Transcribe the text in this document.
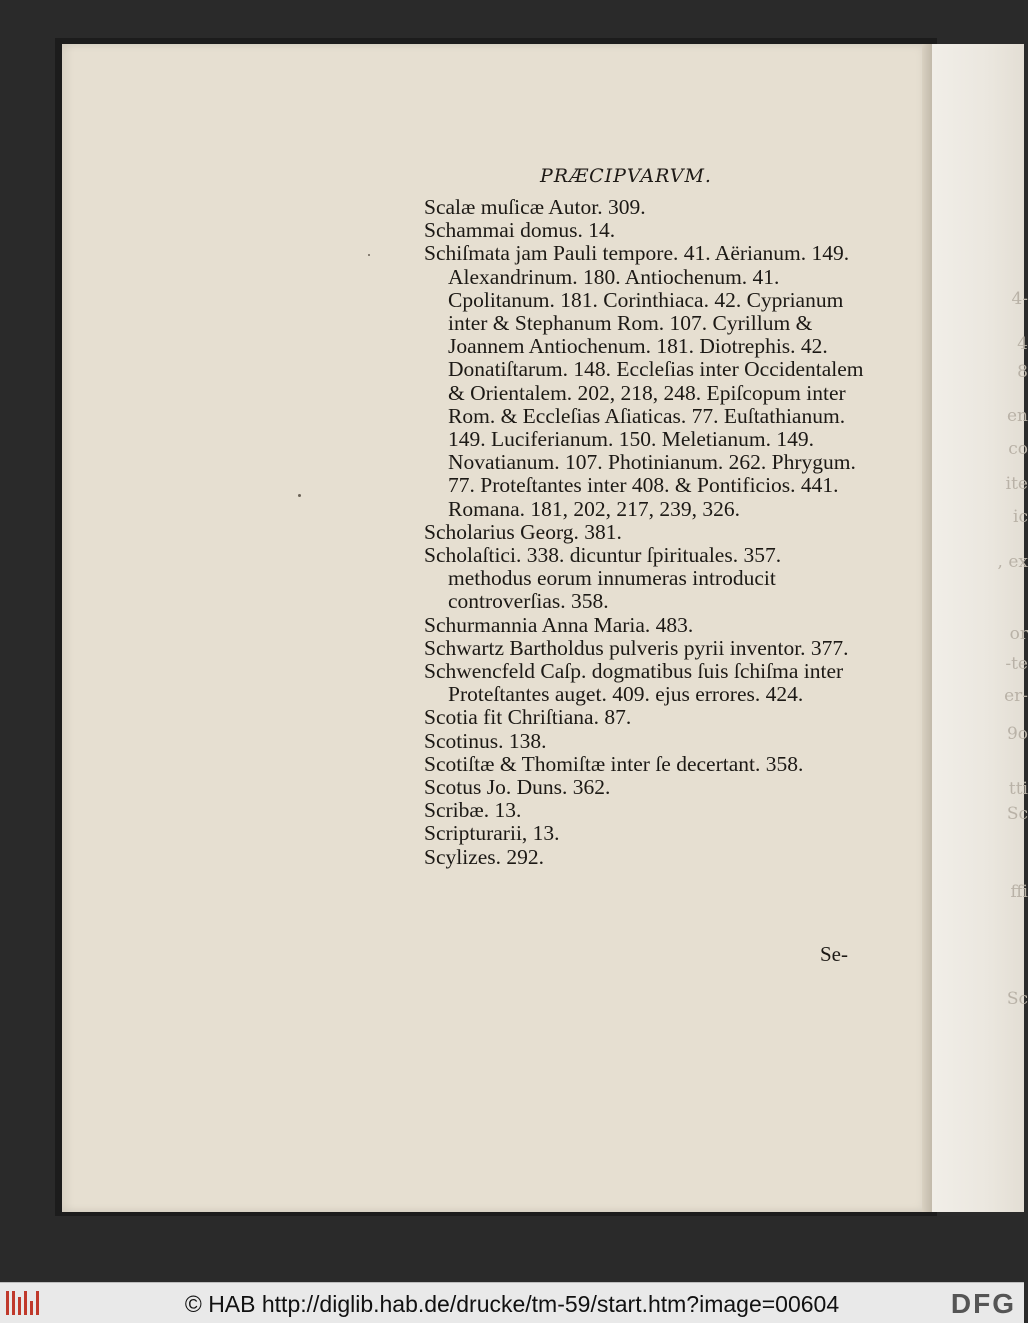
PRÆCIPVARVM.

Scalæ muſicæ Autor. 309.

Schammai domus. 14.

Schiſmata jam Pauli tempore. 41. Aërianum. 149. Alexandrinum. 180. Antiochenum. 41. Cpolitanum. 181. Corinthiaca. 42. Cyprianum inter & Stephanum Rom. 107. Cyrillum & Joannem Antiochenum. 181. Diotrephis. 42. Donatiſtarum. 148. Eccleſias inter Occidentalem & Orientalem. 202, 218, 248. Epiſcopum inter Rom. & Eccleſias Aſiaticas. 77. Euſtathianum. 149. Luciferianum. 150. Meletianum. 149. Novatianum. 107. Photinianum. 262. Phrygum. 77. Proteſtantes inter 408. & Pontificios. 441. Romana. 181, 202, 217, 239, 326.

Scholarius Georg. 381.

Scholaſtici. 338. dicuntur ſpirituales. 357. methodus eorum innumeras introducit controverſias. 358.

Schurmannia Anna Maria. 483.

Schwartz Bartholdus pulveris pyrii inventor. 377.

Schwencfeld Caſp. dogmatibus ſuis ſchiſma inter Proteſtantes auget. 409. ejus errores. 424.

Scotia fit Chriſtiana. 87.

Scotinus. 138.

Scotiſtæ & Thomiſtæ inter ſe decertant. 358.

Scotus Jo. Duns. 362.

Scribæ. 13.

Scripturarii, 13.

Scylizes. 292.

Se-
4-
4
8
en
co
ite
ic
, ex
or
-te
er-
9o
tti
Sc
ffi
Sc
© HAB http://diglib.hab.de/drucke/tm-59/start.htm?image=00604	DFG
